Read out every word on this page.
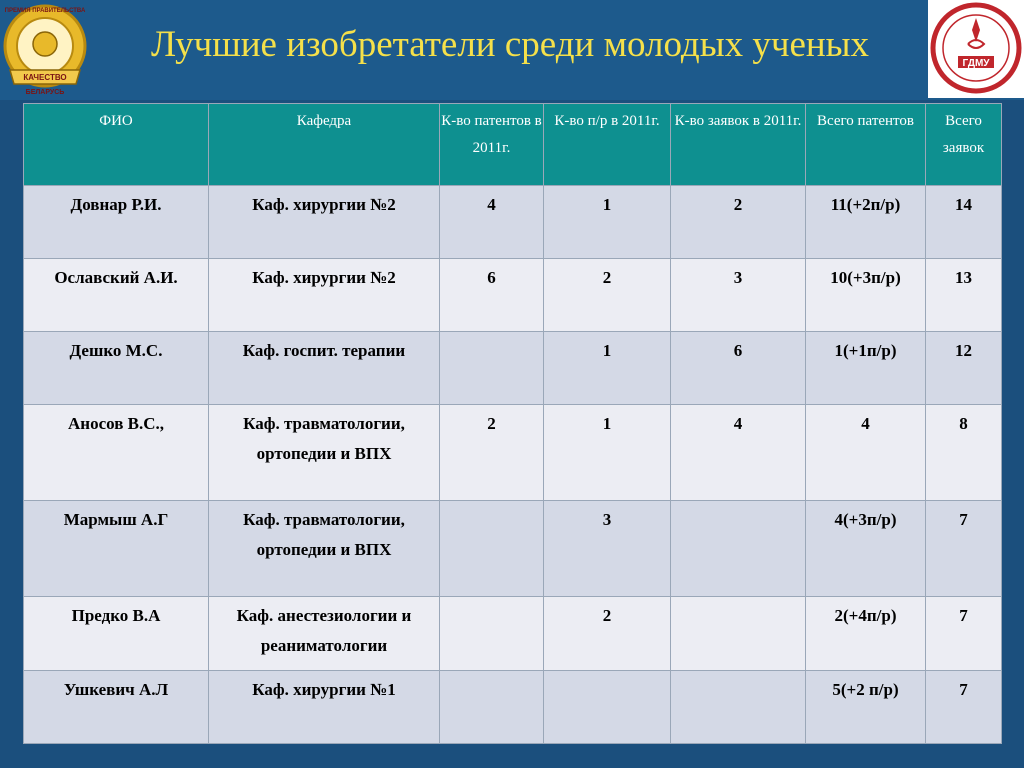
КАЧЕСТВО
БЕЛАРУСЬ
ПРЕМИЯ ПРАВИТЕЛЬСТВА
Лучшие изобретатели среди молодых ученых	ГДМУ
ФИО	Кафедра	К-во патентов в 2011г.	К-во п/р в 2011г.	К-во заявок в 2011г.	Всего патентов	Всего заявок
Довнар Р.И.	Каф. хирургии №2	4	1	2	11(+2п/р)	14
Ославский А.И.	Каф. хирургии №2	6	2	3	10(+3п/р)	13
Дешко М.С.	Каф. госпит. терапии		1	6	1(+1п/р)	12
Аносов В.С.,	Каф. травматологии, ортопедии и ВПХ	2	1	4	4	8
Мармыш А.Г	Каф. травматологии, ортопедии и ВПХ		3		4(+3п/р)	7
Предко В.А	Каф. анестезиологии и реаниматологии		2		2(+4п/р)	7
Ушкевич А.Л	Каф. хирургии №1				5(+2 п/р)	7
